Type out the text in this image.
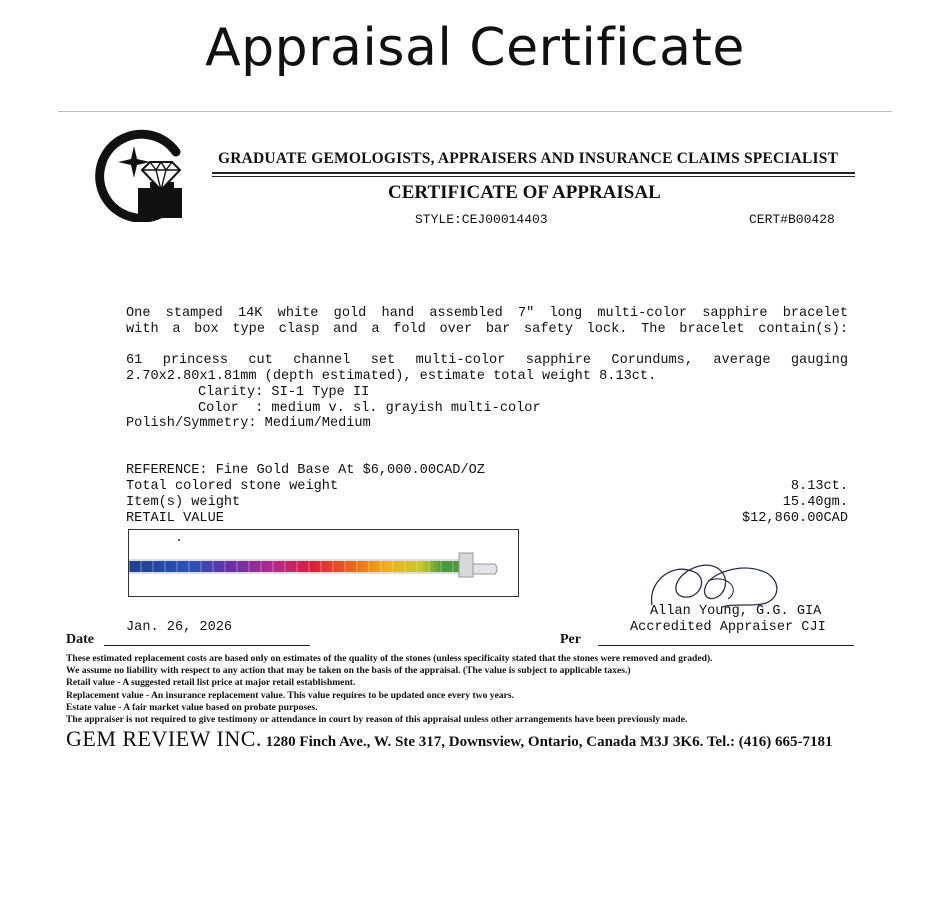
Appraisal Certificate
GRADUATE GEMOLOGISTS, APPRAISERS AND INSURANCE CLAIMS SPECIALIST
CERTIFICATE OF APPRAISAL
STYLE:CEJ00014403	CERT#B00428
One stamped 14K white gold hand assembled 7" long multi-color sapphire bracelet
with a box type clasp and a fold over bar safety lock. The bracelet contain(s):
61 princess cut channel set multi-color sapphire Corundums, average gauging
2.70x2.80x1.81mm (depth estimated), estimate total weight 8.13ct.
Clarity: SI-1 Type II
Color  : medium v. sl. grayish multi-color
Polish/Symmetry: Medium/Medium
REFERENCE: Fine Gold Base At $6,000.00CAD/OZ
Total colored stone weight	8.13ct.
Item(s) weight	15.40gm.
RETAIL VALUE	$12,860.00CAD
Allan Young, G.G. GIA
Accredited Appraiser CJI
Jan. 26, 2026
Date	Per
These estimated replacement costs are based only on estimates of the quality of the stones (unless specificaity stated that the stones were removed and graded).
We assume no liability with respect to any action that may be taken on the basis of the appraisal. (The value is subject to applicable taxes.)
Retail value - A suggested retail list price at major retail establishment.
Replacement value - An insurance replacement value. This value requires to be updated once every two years.
Estate value - A fair market value based on probate purposes.
The appraiser is not required to give testimony or attendance in court by reason of this appraisal unless other arrangements have been previously made.
GEM REVIEW INC. 1280 Finch Ave., W. Ste 317, Downsview, Ontario, Canada M3J 3K6. Tel.: (416) 665-7181
